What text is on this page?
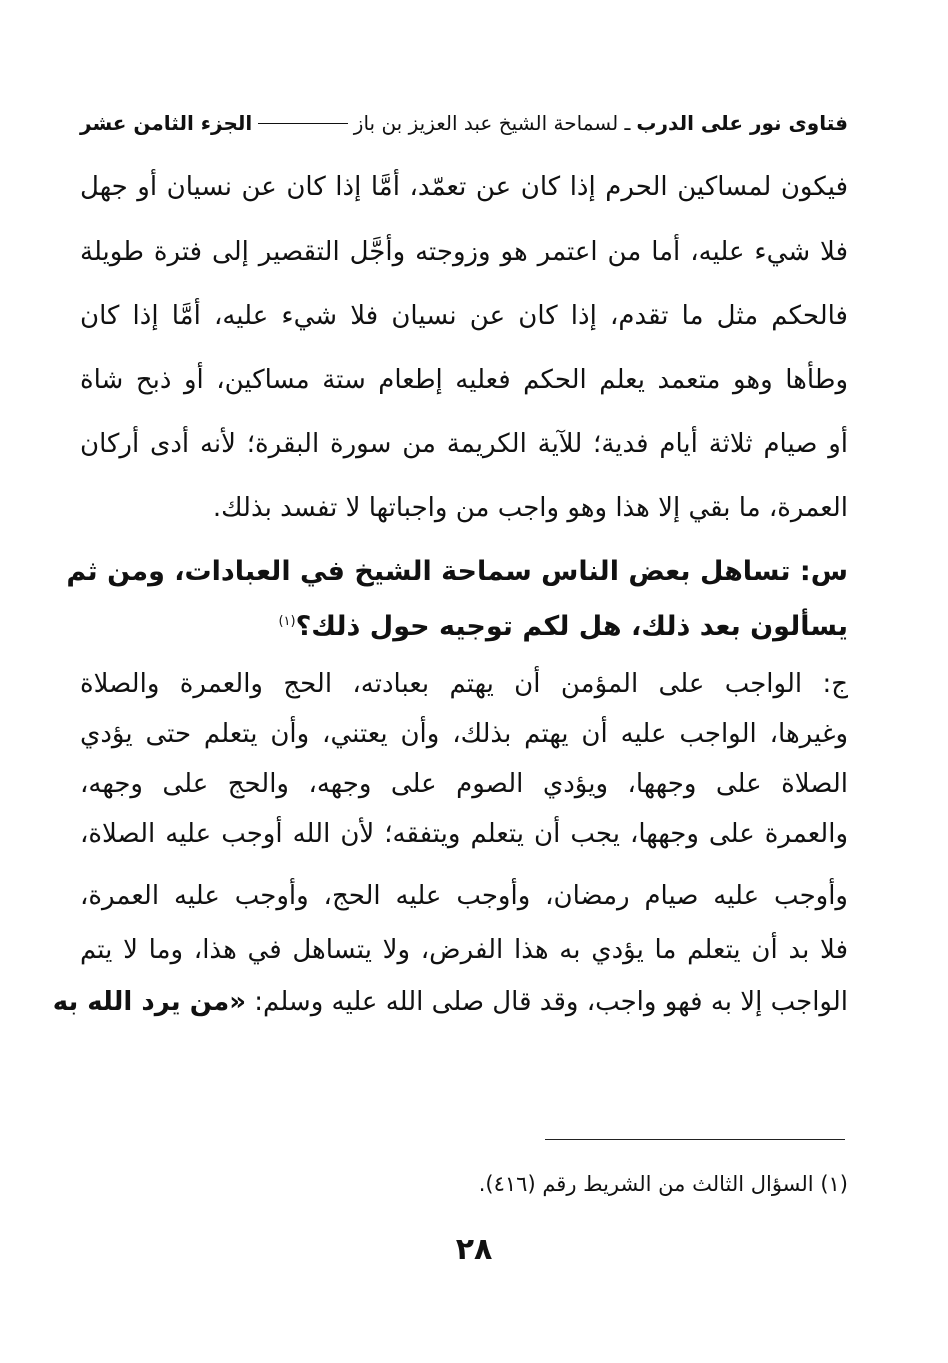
فتاوى نور على الدرب
ـ لسماحة الشيخ عبد العزيز بن باز
الجزء الثامن عشر
فيكون لمساكين الحرم إذا كان عن تعمّد، أمَّا إذا كان عن نسيان أو جهل
فلا شيء عليه، أما من اعتمر هو وزوجته وأجَّل التقصير إلى فترة طويلة
فالحكم مثل ما تقدم، إذا كان عن نسيان فلا شيء عليه، أمَّا إذا كان
وطأها وهو متعمد يعلم الحكم فعليه إطعام ستة مساكين، أو ذبح شاة
أو صيام ثلاثة أيام فدية؛ للآية الكريمة من سورة البقرة؛ لأنه أدى أركان
العمرة، ما بقي إلا هذا وهو واجب من واجباتها لا تفسد بذلك.
س: تساهل بعض الناس سماحة الشيخ في العبادات، ومن ثم
يسألون بعد ذلك، هل لكم توجيه حول ذلك؟$^{(١)}$
ج: الواجب على المؤمن أن يهتم بعبادته، الحج والعمرة والصلاة
وغيرها، الواجب عليه أن يهتم بذلك، وأن يعتني، وأن يتعلم حتى يؤدي
الصلاة على وجهها، ويؤدي الصوم على وجهه، والحج على وجهه،
والعمرة على وجهها، يجب أن يتعلم ويتفقه؛ لأن الله أوجب عليه الصلاة،
وأوجب عليه صيام رمضان، وأوجب عليه الحج، وأوجب عليه العمرة،
فلا بد أن يتعلم ما يؤدي به هذا الفرض، ولا يتساهل في هذا، وما لا يتم
الواجب إلا به فهو واجب، وقد قال صلى الله عليه وسلم: «من يرد الله به
(١) السؤال الثالث من الشريط رقم (٤١٦).
٢٨
